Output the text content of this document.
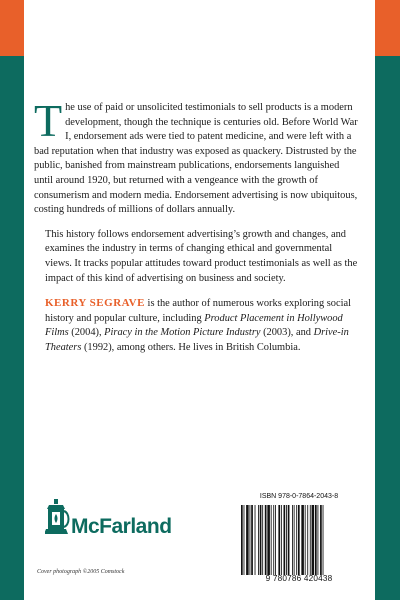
The use of paid or unsolicited testimonials to sell products is a modern development, though the technique is centuries old. Before World War I, endorsement ads were tied to patent medicine, and were left with a bad reputation when that industry was exposed as quackery. Distrusted by the public, banished from mainstream publications, endorsements languished until around 1920, but returned with a vengeance with the growth of consumerism and modern media. Endorsement advertising is now ubiquitous, costing hundreds of millions of dollars annually.

This history follows endorsement advertising’s growth and changes, and examines the industry in terms of changing ethical and governmental views. It tracks popular attitudes toward product testimonials as well as the impact of this kind of advertising on business and society.

KERRY SEGRAVE is the author of numerous works exploring social history and popular culture, including Product Placement in Hollywood Films (2004), Piracy in the Motion Picture Industry (2003), and Drive-in Theaters (1992), among others. He lives in British Columbia.

McFarland
Cover photograph ©2005 Comstock
ISBN 978-0-7864-2043-8
9 780786 420438
